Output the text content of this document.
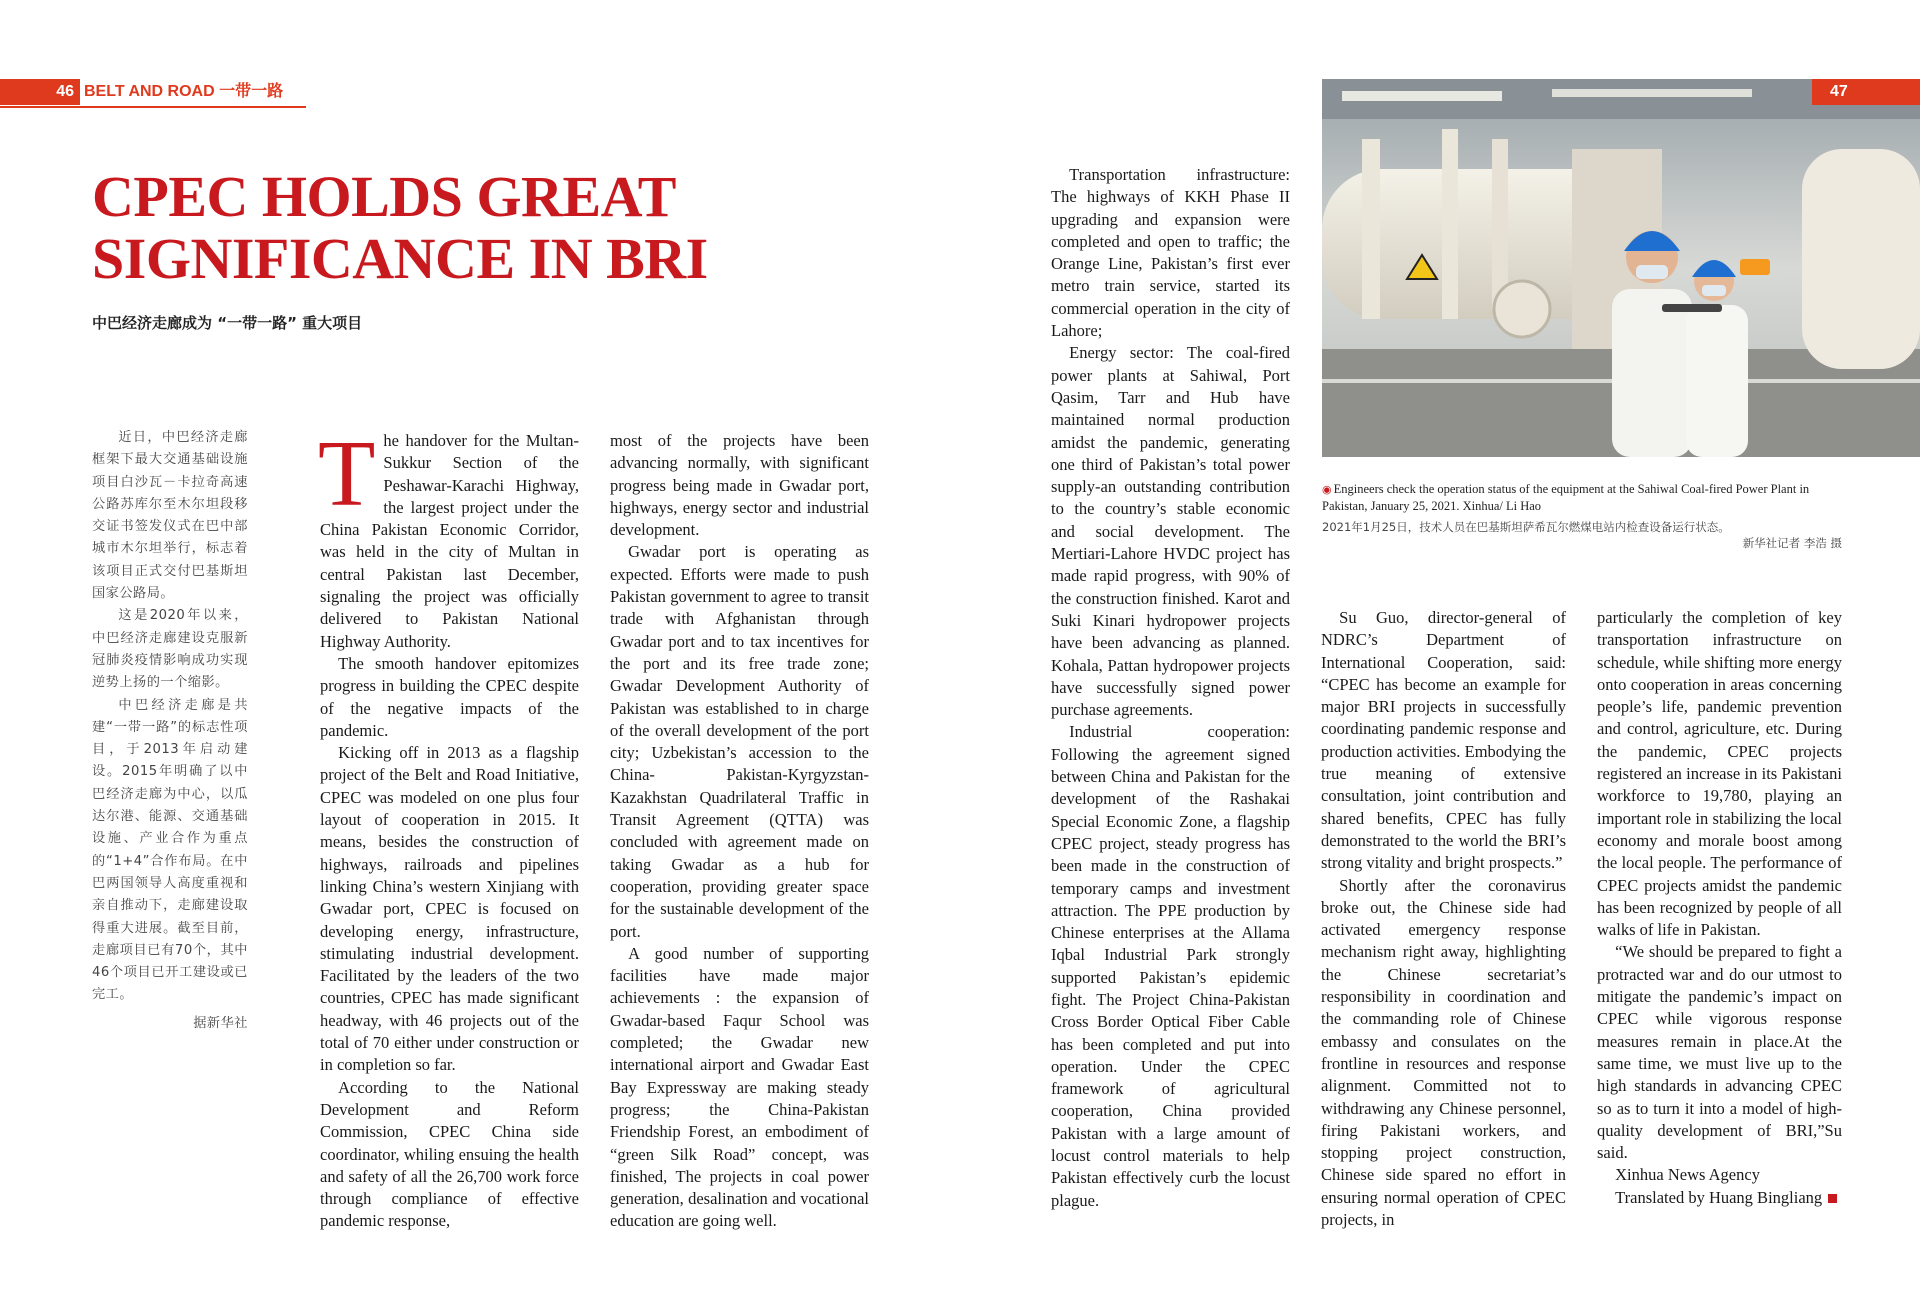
46 BELT AND ROAD 一带一路
CPEC HOLDS GREAT SIGNIFICANCE IN BRI
中巴经济走廊成为 “一带一路” 重大项目

近日，中巴经济走廊框架下最大交通基础设施项目白沙瓦－卡拉奇高速公路苏库尔至木尔坦段移交证书签发仪式在巴中部城市木尔坦举行，标志着该项目正式交付巴基斯坦国家公路局。

这是2020年以来，中巴经济走廊建设克服新冠肺炎疫情影响成功实现逆势上扬的一个缩影。

中巴经济走廊是共建“一带一路”的标志性项目，于2013年启动建设。2015年明确了以中巴经济走廊为中心，以瓜达尔港、能源、交通基础设施、产业合作为重点的“1+4”合作布局。在中巴两国领导人高度重视和亲自推动下，走廊建设取得重大进展。截至目前，走廊项目已有70个，其中46个项目已开工建设或已完工。

据新华社

The handover for the Multan-Sukkur Section of the Peshawar-Karachi Highway, the largest project under the China Pakistan Economic Corridor, was held in the city of Multan in central Pakistan last December, signaling the project was officially delivered to Pakistan National Highway Authority.

The smooth handover epitomizes progress in building the CPEC despite of the negative impacts of the pandemic.

Kicking off in 2013 as a flagship project of the Belt and Road Initiative, CPEC was modeled on one plus four layout of cooperation in 2015. It means, besides the construction of highways, railroads and pipelines linking China’s western Xinjiang with Gwadar port, CPEC is focused on developing energy, infrastructure, stimulating industrial development. Facilitated by the leaders of the two countries, CPEC has made significant headway, with 46 projects out of the total of 70 either under construction or in completion so far.

According to the National Development and Reform Commission, CPEC China side coordinator, whiling ensuing the health and safety of all the 26,700 work force through compliance of effective pandemic response,

most of the projects have been advancing normally, with significant progress being made in Gwadar port, highways, energy sector and industrial development.

Gwadar port is operating as expected. Efforts were made to push Pakistan government to agree to transit trade with Afghanistan through Gwadar port and to tax incentives for the port and its free trade zone; Gwadar Development Authority of Pakistan was established to in charge of the overall development of the port city; Uzbekistan’s accession to the China- Pakistan-Kyrgyzstan-Kazakhstan Quadrilateral Traffic in Transit Agreement (QTTA) was concluded with agreement made on taking Gwadar as a hub for cooperation, providing greater space for the sustainable development of the port.

A good number of supporting facilities have made major achievements : the expansion of Gwadar-based Faqur School was completed; the Gwadar new international airport and Gwadar East Bay Expressway are making steady progress; the China-Pakistan Friendship Forest, an embodiment of “green Silk Road” concept, was finished, The projects in coal power generation, desalination and vocational education are going well.

Transportation infrastructure: The highways of KKH Phase II upgrading and expansion were completed and open to traffic; the Orange Line, Pakistan’s first ever metro train service, started its commercial operation in the city of Lahore;

Energy sector: The coal-fired power plants at Sahiwal, Port Qasim, Tarr and Hub have maintained normal production amidst the pandemic, generating one third of Pakistan’s total power supply-an outstanding contribution to the country’s stable economic and social development. The Mertiari-Lahore HVDC project has made rapid progress, with 90% of the construction finished. Karot and Suki Kinari hydropower projects have been advancing as planned. Kohala, Pattan hydropower projects have successfully signed power purchase agreements.

Industrial cooperation: Following the agreement signed between China and Pakistan for the development of the Rashakai Special Economic Zone, a flagship CPEC project, steady progress has been made in the construction of temporary camps and investment attraction. The PPE production by Chinese enterprises at the Allama Iqbal Industrial Park strongly supported Pakistan’s epidemic fight. The Project China-Pakistan Cross Border Optical Fiber Cable has been completed and put into operation. Under the CPEC framework of agricultural cooperation, China provided Pakistan with a large amount of locust control materials to help Pakistan effectively curb the locust plague.

47
◉ Engineers check the operation status of the equipment at the Sahiwal Coal-fired Power Plant in Pakistan, January 25, 2021. Xinhua/ Li Hao
2021年1月25日，技术人员在巴基斯坦萨希瓦尔燃煤电站内检查设备运行状态。
新华社记者 李浩 摄

Su Guo, director-general of NDRC’s Department of International Cooperation, said: “CPEC has become an example for major BRI projects in successfully coordinating pandemic response and production activities. Embodying the true meaning of extensive consultation, joint contribution and shared benefits, CPEC has fully demonstrated to the world the BRI’s strong vitality and bright prospects.”

Shortly after the coronavirus broke out, the Chinese side had activated emergency response mechanism right away, highlighting the Chinese secretariat’s responsibility in coordination and the commanding role of Chinese embassy and consulates on the frontline in resources and response alignment. Committed not to withdrawing any Chinese personnel, firing Pakistani workers, and stopping project construction, Chinese side spared no effort in ensuring normal operation of CPEC projects, in

particularly the completion of key transportation infrastructure on schedule, while shifting more energy onto cooperation in areas concerning people’s life, pandemic prevention and control, agriculture, etc. During the pandemic, CPEC projects registered an increase in its Pakistani workforce to 19,780, playing an important role in stabilizing the local economy and morale boost among the local people. The performance of CPEC projects amidst the pandemic has been recognized by people of all walks of life in Pakistan.

“We should be prepared to fight a protracted war and do our utmost to mitigate the pandemic’s impact on CPEC while vigorous response measures remain in place.At the same time, we must live up to the high standards in advancing CPEC so as to turn it into a model of high-quality development of BRI,”Su said.

Xinhua News Agency

Translated by Huang Bingliang
